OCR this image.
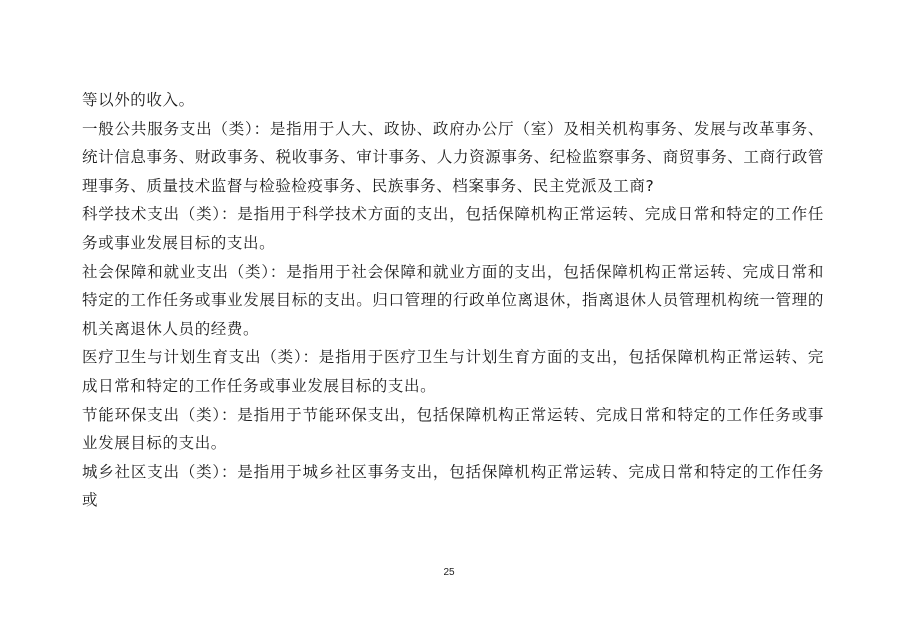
等以外的收入。

一般公共服务支出（类）：是指用于人大、政协、政府办公厅（室）及相关机构事务、发展与改革事务、统计信息事务、财政事务、税收事务、审计事务、人力资源事务、纪检监察事务、商贸事务、工商行政管理事务、质量技术监督与检验检疫事务、民族事务、档案事务、民主党派及工商?

科学技术支出（类）：是指用于科学技术方面的支出，包括保障机构正常运转、完成日常和特定的工作任务或事业发展目标的支出。

社会保障和就业支出（类）：是指用于社会保障和就业方面的支出，包括保障机构正常运转、完成日常和特定的工作任务或事业发展目标的支出。归口管理的行政单位离退休，指离退休人员管理机构统一管理的机关离退休人员的经费。

医疗卫生与计划生育支出（类）：是指用于医疗卫生与计划生育方面的支出，包括保障机构正常运转、完成日常和特定的工作任务或事业发展目标的支出。

节能环保支出（类）：是指用于节能环保支出，包括保障机构正常运转、完成日常和特定的工作任务或事业发展目标的支出。

城乡社区支出（类）：是指用于城乡社区事务支出，包括保障机构正常运转、完成日常和特定的工作任务或

25
